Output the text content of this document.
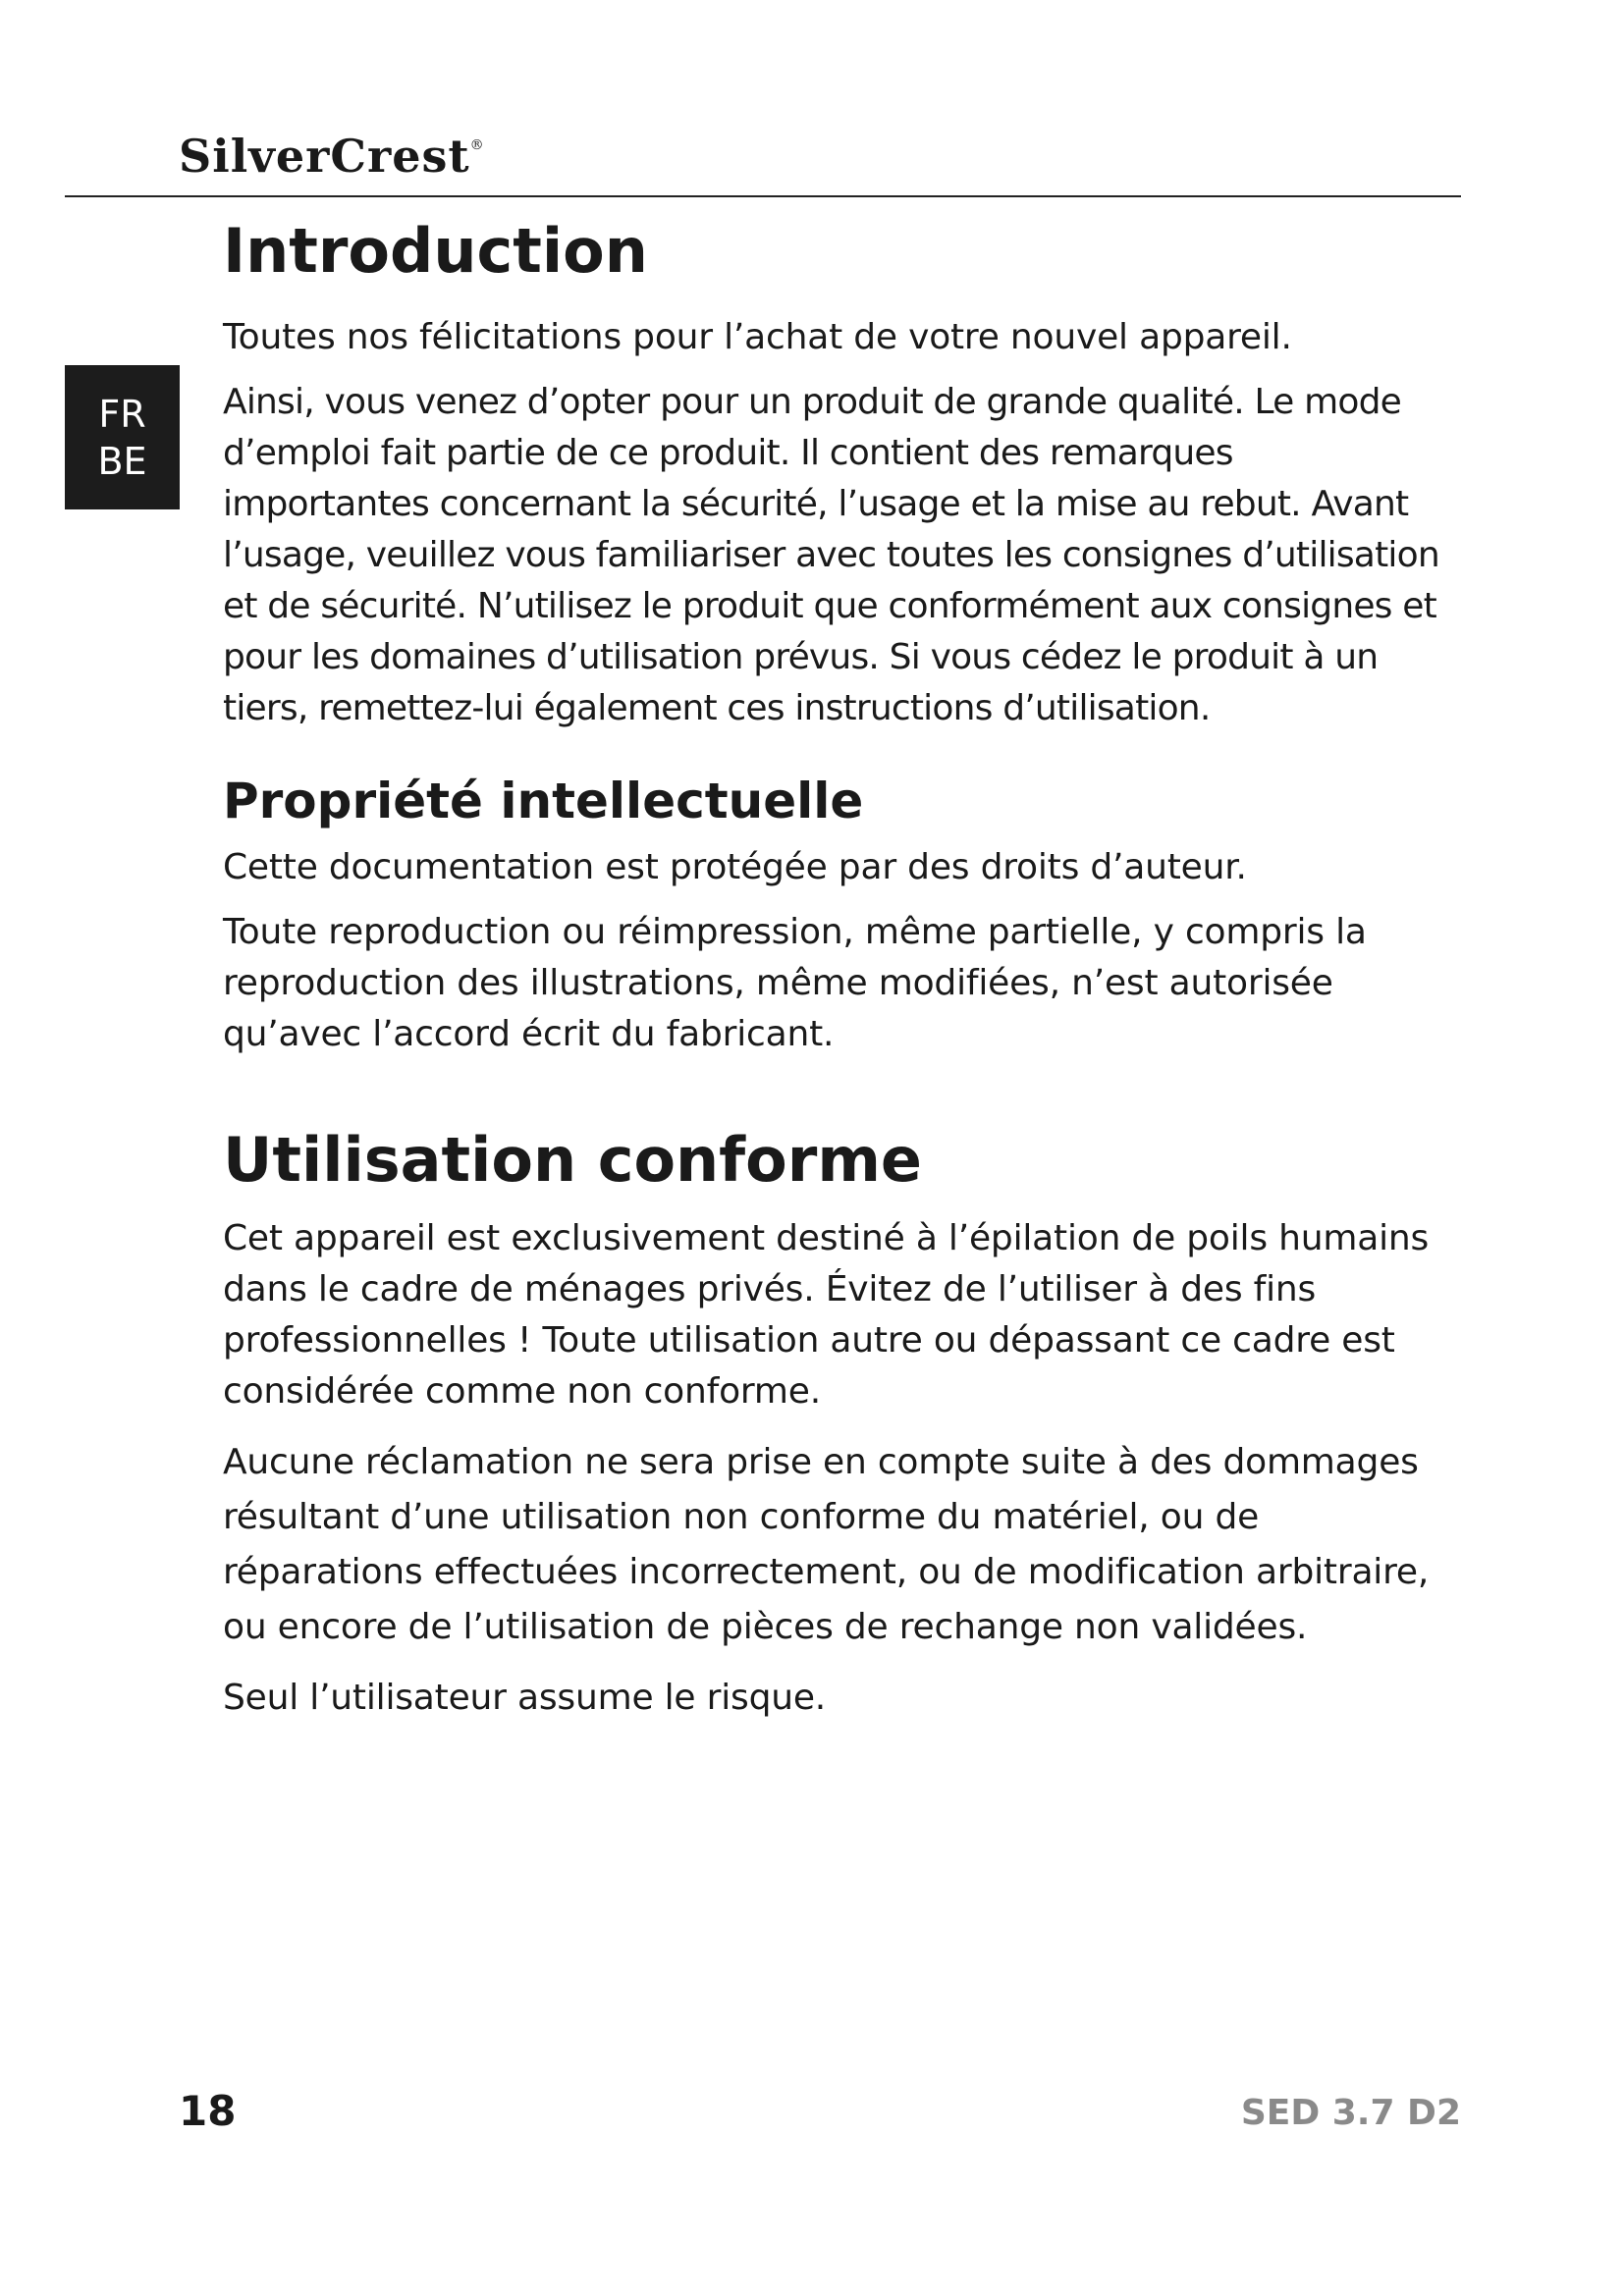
SilverCrest®
FR
BE
Introduction

Toutes nos félicitations pour l’achat de votre nouvel appareil.

Ainsi, vous venez d’opter pour un produit de grande qualité. Le mode d’emploi fait partie de ce produit. Il contient des remarques importantes concernant la sécurité, l’usage et la mise au rebut. Avant l’usage, veuillez vous familiariser avec toutes les consignes d’utilisation et de sécurité. N’utilisez le produit que conformément aux consignes et pour les domaines d’utilisation prévus. Si vous cédez le produit à un tiers, remettez-lui également ces instructions d’utilisation.

Propriété intellectuelle

Cette documentation est protégée par des droits d’auteur.

Toute reproduction ou réimpression, même partielle, y compris la reproduction des illustrations, même modifiées, n’est autorisée qu’avec l’accord écrit du fabricant.

Utilisation conforme

Cet appareil est exclusivement destiné à l’épilation de poils humains dans le cadre de ménages privés. Évitez de l’utiliser à des fins professionnelles ! Toute utilisation autre ou dépassant ce cadre est considérée comme non conforme.

Aucune réclamation ne sera prise en compte suite à des dommages résultant d’une utilisation non conforme du matériel, ou de réparations effectuées incorrectement, ou de modification arbitraire, ou encore de l’utilisation de pièces de rechange non validées.

Seul l’utilisateur assume le risque.

18	SED 3.7 D2
